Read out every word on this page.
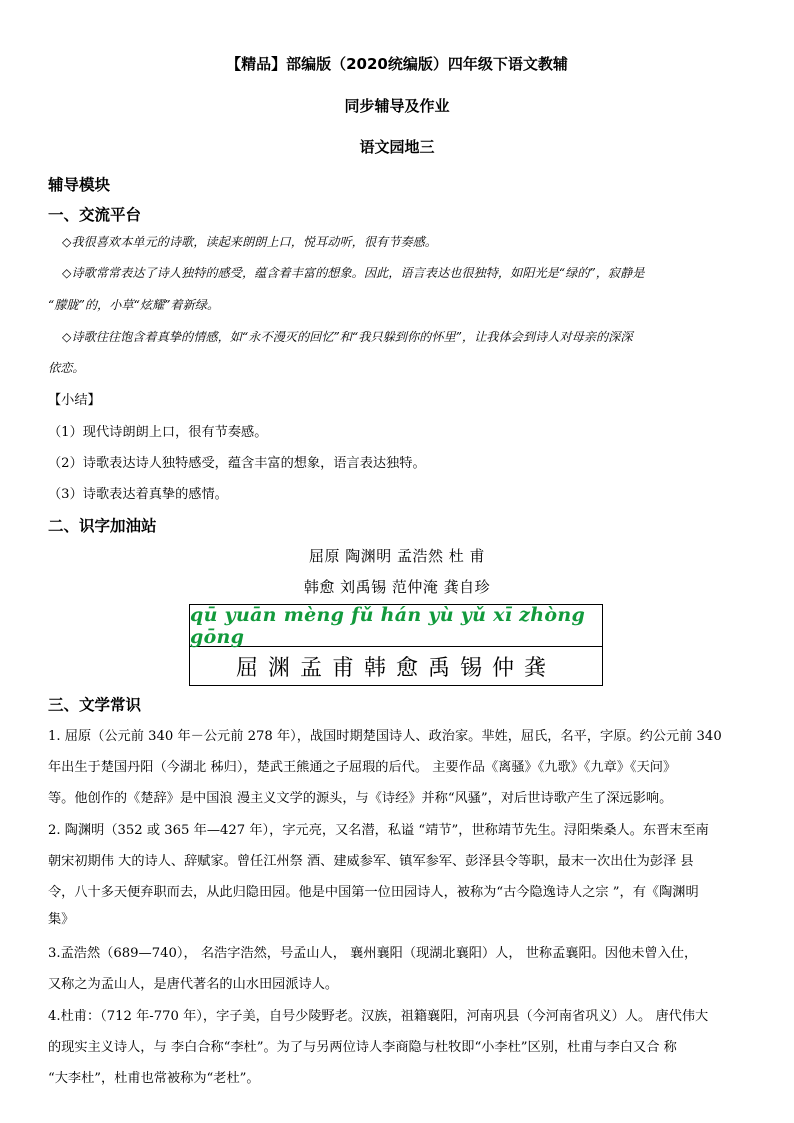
【精品】部编版（2020统编版）四年级下语文教辅
同步辅导及作业
语文园地三
辅导模块
一、交流平台
◇我很喜欢本单元的诗歌，读起来朗朗上口，悦耳动听，很有节奏感。
◇诗歌常常表达了诗人独特的感受，蕴含着丰富的想象。因此，语言表达也很独特，如阳光是“绿的”，寂静是
“朦胧”的，小草“炫耀”着新绿。
◇诗歌往往饱含着真挚的情感，如“永不漫灭的回忆”和“我只躲到你的怀里”，让我体会到诗人对母亲的深深
依恋。
【小结】
（1）现代诗朗朗上口，很有节奏感。
（2）诗歌表达诗人独特感受，蕴含丰富的想象，语言表达独特。
（3）诗歌表达着真挚的感情。
二、识字加油站
屈原 陶渊明 孟浩然 杜 甫
韩愈 刘禹锡 范仲淹 龚自珍
qū yuān mèng fǔ hán yù yǔ xī zhòng gōng
屈渊孟甫韩愈禹锡仲龚
三、文学常识
1. 屈原（公元前 340 年－公元前 278 年），战国时期楚国诗人、政治家。芈姓，屈氏，名平，字原。约公元前 340
年出生于楚国丹阳（今湖北 秭归），楚武王熊通之子屈瑕的后代。 主要作品《离骚》《九歌》《九章》《天问》
等。他创作的《楚辞》是中国浪 漫主义文学的源头，与《诗经》并称“风骚”，对后世诗歌产生了深远影响。
2. 陶渊明（352 或 365 年—427 年），字元亮，又名潜，私谥 “靖节”，世称靖节先生。浔阳柴桑人。东晋末至南
朝宋初期伟 大的诗人、辞赋家。曾任江州祭 酒、建威参军、镇军参军、彭泽县令等职，最末一次出仕为彭泽 县
令，八十多天便弃职而去，从此归隐田园。他是中国第一位田园诗人，被称为“古今隐逸诗人之宗 ”，有《陶渊明
集》
3.孟浩然（689—740）， 名浩字浩然，号孟山人， 襄州襄阳（现湖北襄阳）人， 世称孟襄阳。因他未曾入仕，
又称之为孟山人，是唐代著名的山水田园派诗人。
4.杜甫：（712 年-770 年），字子美，自号少陵野老。汉族，祖籍襄阳，河南巩县（今河南省巩义）人。 唐代伟大
的现实主义诗人，与 李白合称“李杜”。为了与另两位诗人李商隐与杜牧即“小李杜”区别，杜甫与李白又合 称
“大李杜”，杜甫也常被称为“老杜”。
